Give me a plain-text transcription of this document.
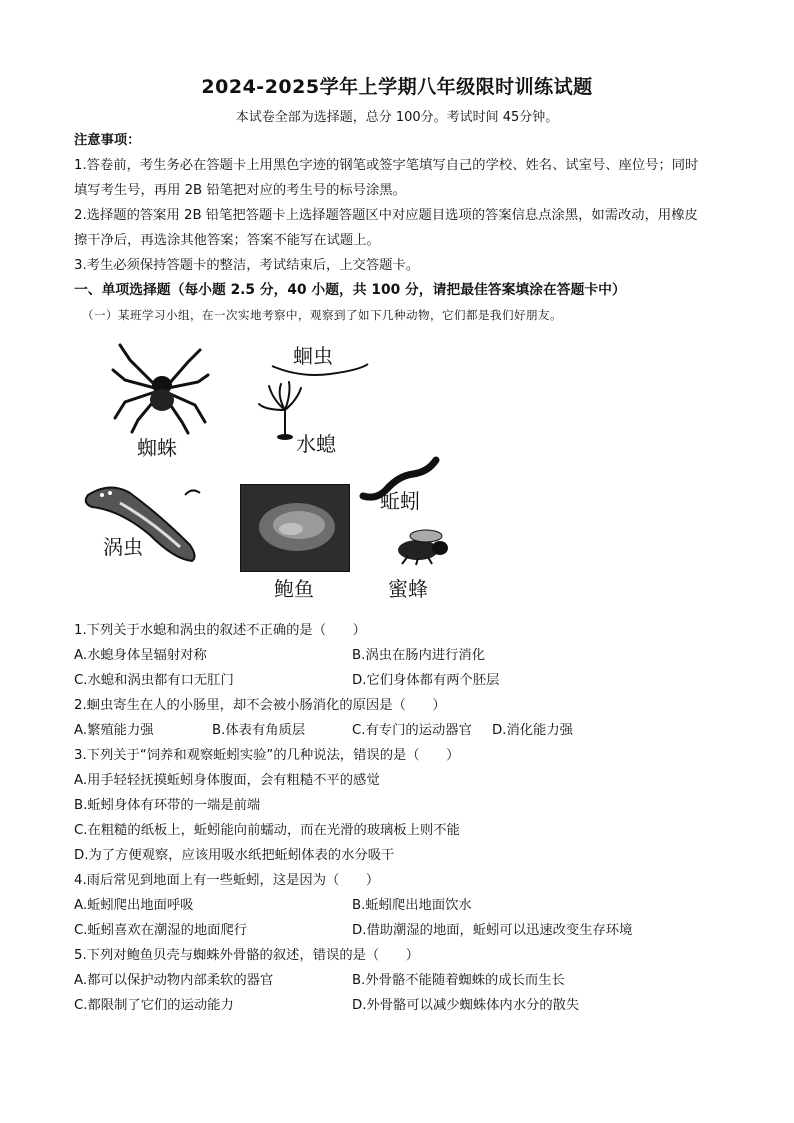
2024-2025学年上学期八年级限时训练试题
本试卷全部为选择题，总分 100分。考试时间 45分钟。
注意事项：
1.答卷前，考生务必在答题卡上用黑色字迹的钢笔或签字笔填写自己的学校、姓名、试室号、座位号；同时
填写考生号，再用 2B 铅笔把对应的考生号的标号涂黑。
2.选择题的答案用 2B 铅笔把答题卡上选择题答题区中对应题目选项的答案信息点涂黑，如需改动，用橡皮
擦干净后，再选涂其他答案；答案不能写在试题上。
3.考生必须保持答题卡的整洁，考试结束后，上交答题卡。
一、单项选择题（每小题 2.5 分，40 小题，共 100 分，请把最佳答案填涂在答题卡中）
（一）某班学习小组，在一次实地考察中，观察到了如下几种动物，它们都是我们好朋友。
蜘蛛
蛔虫
水螅
涡虫
鲍鱼
蚯蚓
蜜蜂
1.下列关于水螅和涡虫的叙述不正确的是（　　）
A.水螅身体呈辐射对称	B.涡虫在肠内进行消化
C.水螅和涡虫都有口无肛门	D.它们身体都有两个胚层
2.蛔虫寄生在人的小肠里，却不会被小肠消化的原因是（　　）
A.繁殖能力强	B.体表有角质层	C.有专门的运动器官 D.消化能力强
3.下列关于“饲养和观察蚯蚓实验”的几种说法，错误的是（　　）
A.用手轻轻抚摸蚯蚓身体腹面，会有粗糙不平的感觉
B.蚯蚓身体有环带的一端是前端
C.在粗糙的纸板上，蚯蚓能向前蠕动，而在光滑的玻璃板上则不能
D.为了方便观察，应该用吸水纸把蚯蚓体表的水分吸干
4.雨后常见到地面上有一些蚯蚓，这是因为（　　）
A.蚯蚓爬出地面呼吸	B.蚯蚓爬出地面饮水
C.蚯蚓喜欢在潮湿的地面爬行	D.借助潮湿的地面，蚯蚓可以迅速改变生存环境
5.下列对鲍鱼贝壳与蜘蛛外骨骼的叙述，错误的是（　　）
A.都可以保护动物内部柔软的器官	B.外骨骼不能随着蜘蛛的成长而生长
C.都限制了它们的运动能力	D.外骨骼可以减少蜘蛛体内水分的散失
